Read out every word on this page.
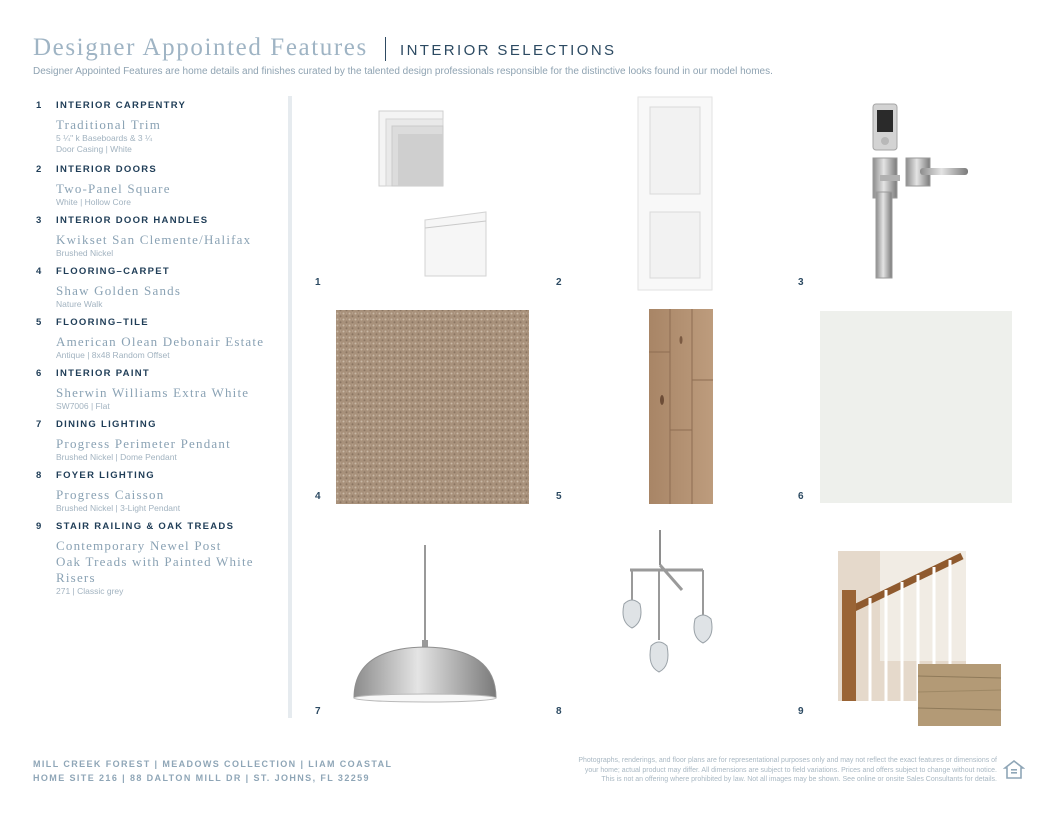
Designer Appointed Features INTERIOR SELECTIONS
Designer Appointed Features are home details and finishes curated by the talented design professionals responsible for the distinctive looks found in our model homes.
1	INTERIOR CARPENTRY
Traditional Trim
5 ¼" k Baseboards & 3 ¼
Door Casing | White
2	INTERIOR DOORS
Two-Panel Square
White | Hollow Core
3	INTERIOR DOOR HANDLES
Kwikset San Clemente/Halifax
Brushed Nickel
4	FLOORING–CARPET
Shaw Golden Sands
Nature Walk
5	FLOORING–TILE
American Olean Debonair Estate
Antique | 8x48 Random Offset
6	INTERIOR PAINT
Sherwin Williams Extra White
SW7006 | Flat
7	DINING LIGHTING
Progress Perimeter Pendant
Brushed Nickel | Dome Pendant
8	FOYER LIGHTING
Progress Caisson
Brushed Nickel | 3-Light Pendant
9	STAIR RAILING & OAK TREADS
Contemporary Newel Post
Oak Treads with Painted White
Risers
271 | Classic grey
1	2	3
4	5	6
7	8	9
MILL CREEK FOREST | MEADOWS COLLECTION | LIAM COASTAL
HOME SITE 216 | 88 DALTON MILL DR | ST. JOHNS, FL 32259
Photographs, renderings, and floor plans are for representational purposes only and may not reflect the exact features or dimensions of
your home; actual product may differ. All dimensions are subject to field variations. Prices and offers subject to change without notice.
This is not an offering where prohibited by law. Not all images may be shown. See online or onsite Sales Consultants for details.
